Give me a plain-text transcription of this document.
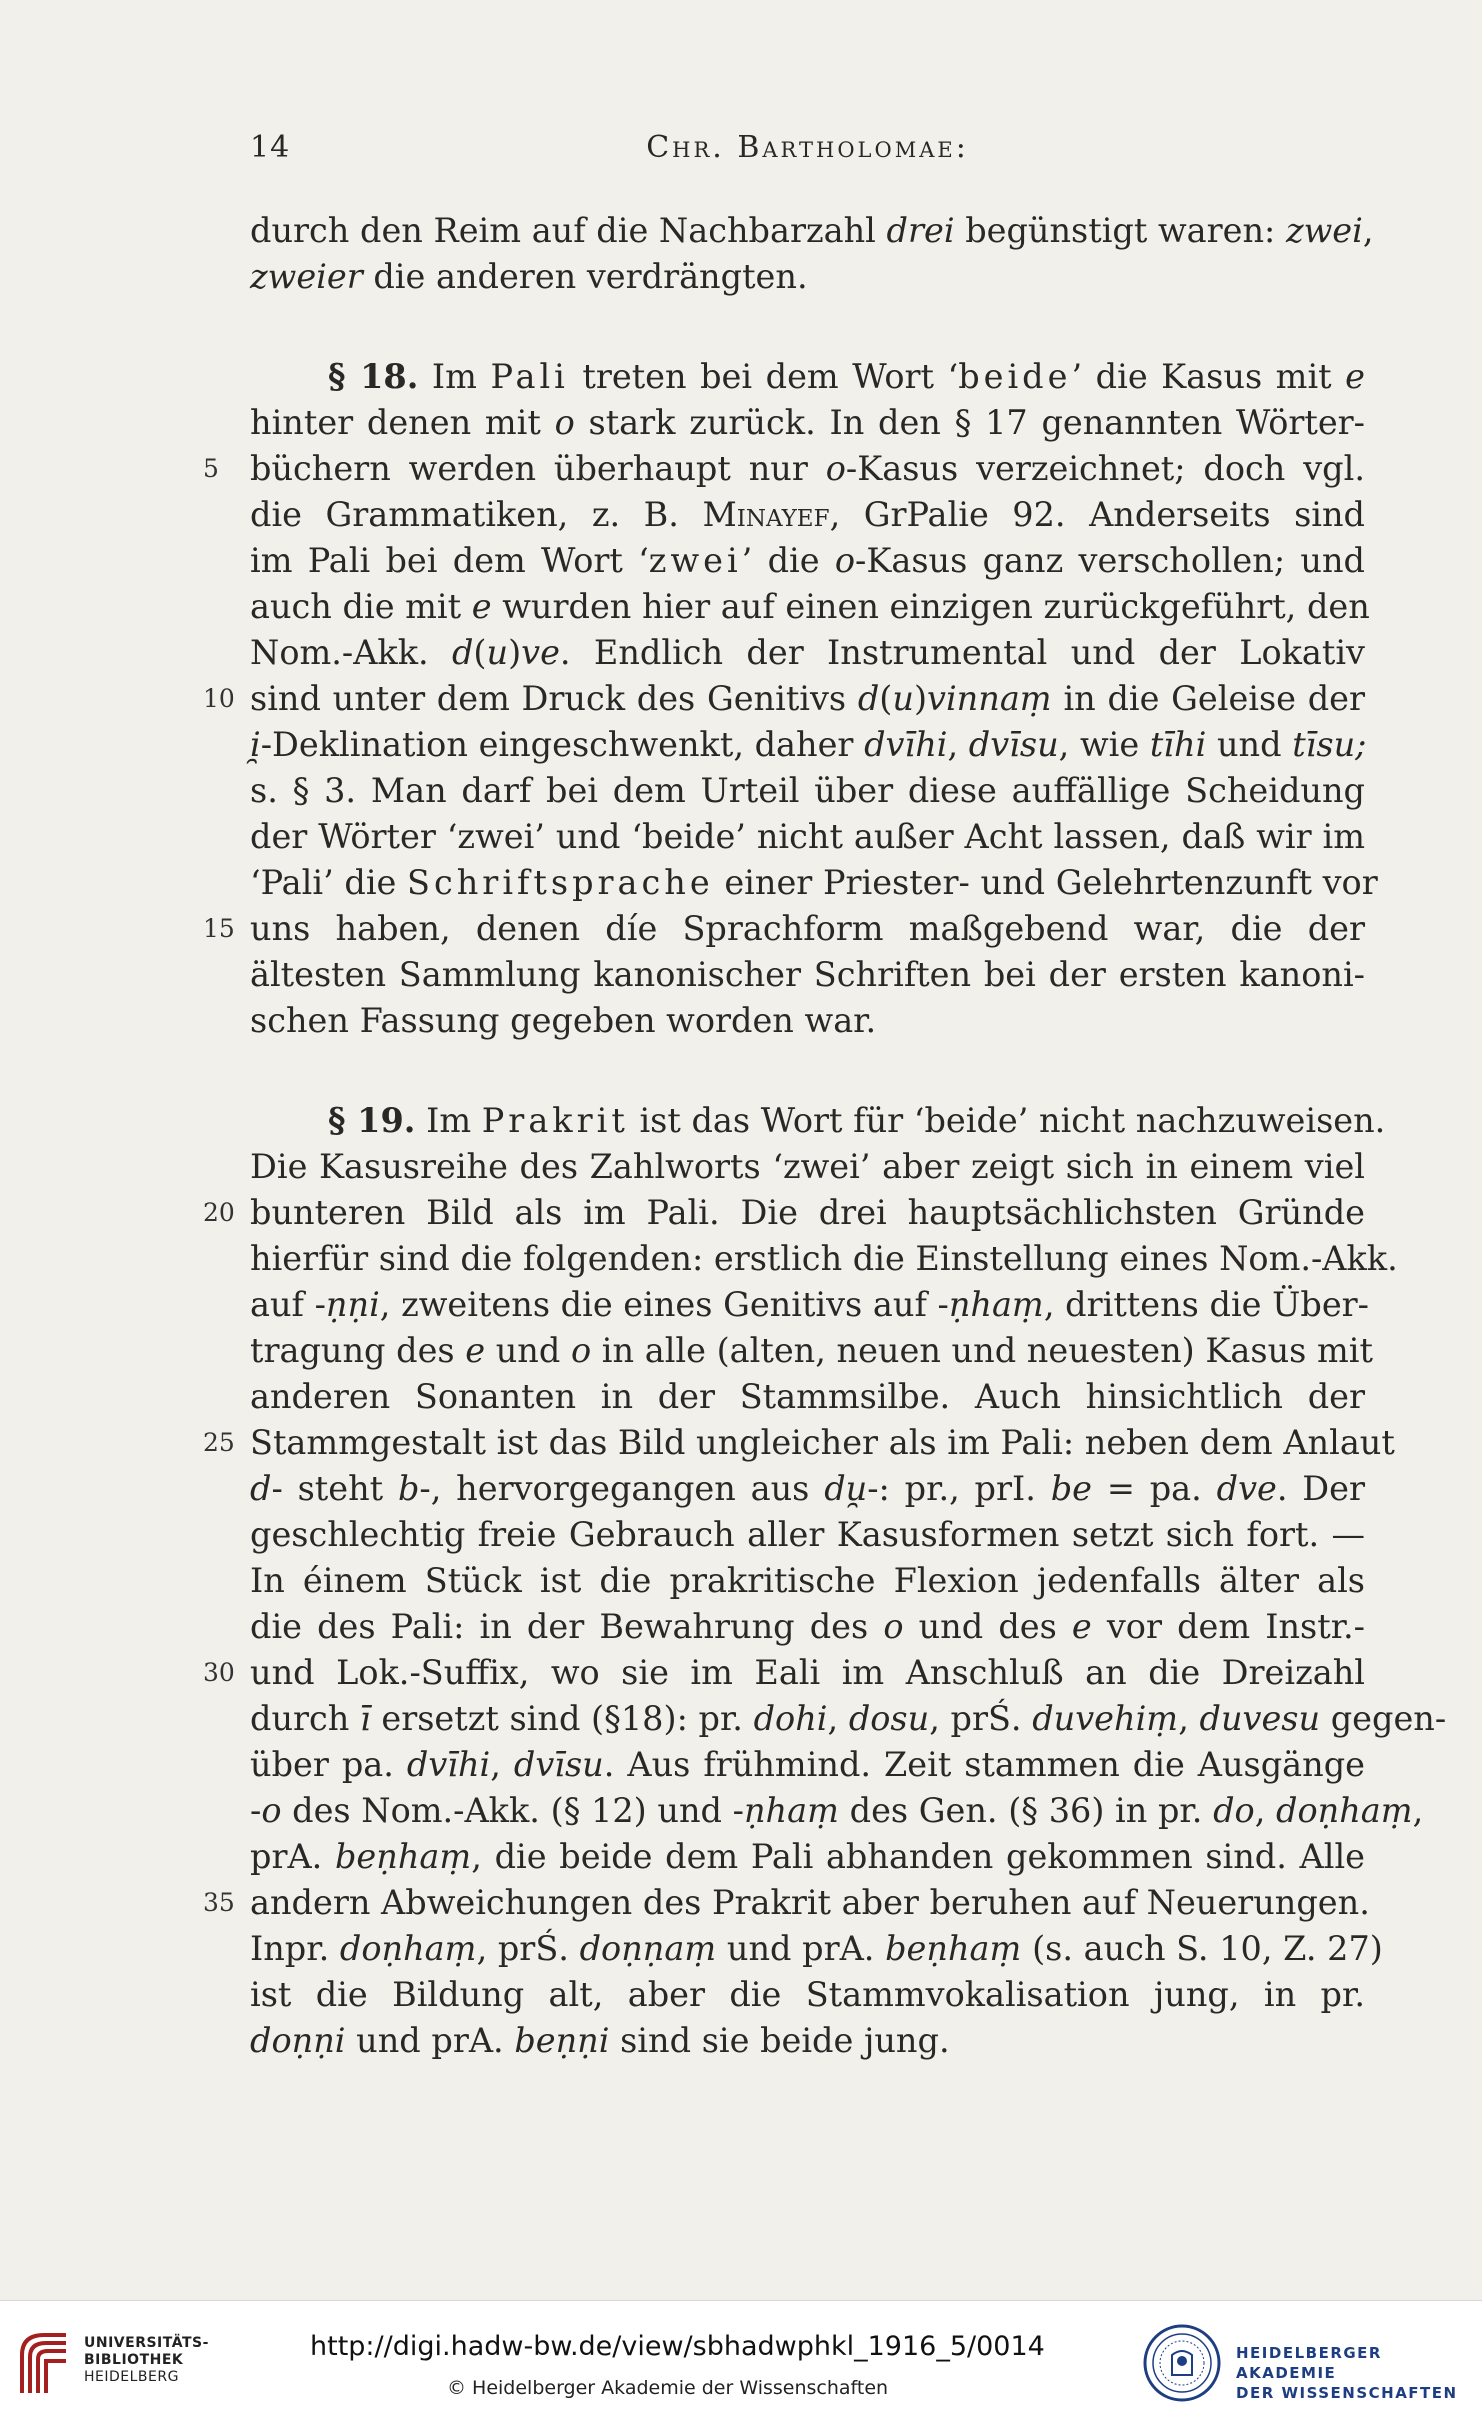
14	Chr. Bartholomae:
durch den Reim auf die Nachbarzahl drei begünstigt waren: zwei,
zweier die anderen verdrängten.
§ 18. Im Pali treten bei dem Wort ‘beide’ die Kasus mit e
hinter denen mit o stark zurück. In den § 17 genannten Wörter-
büchern werden überhaupt nur o-Kasus verzeichnet; doch vgl.
die Grammatiken, z. B. Minayef, GrPalie 92. Anderseits sind
im Pali bei dem Wort ‘zwei’ die o-Kasus ganz verschollen; und
auch die mit e wurden hier auf einen einzigen zurückgeführt, den
Nom.-Akk. d(u)ve. Endlich der Instrumental und der Lokativ
sind unter dem Druck des Genitivs d(u)vinnaṃ in die Geleise der
i̯-Deklination eingeschwenkt, daher dvīhi, dvīsu, wie tīhi und tīsu;
s. § 3. Man darf bei dem Urteil über diese auffällige Scheidung
der Wörter ‘zwei’ und ‘beide’ nicht außer Acht lassen, daß wir im
‘Pali’ die Schriftsprache einer Priester- und Gelehrtenzunft vor
uns haben, denen díe Sprachform maßgebend war, die der
ältesten Sammlung kanonischer Schriften bei der ersten kanoni-
schen Fassung gegeben worden war.
§ 19. Im Prakrit ist das Wort für ‘beide’ nicht nachzuweisen.
Die Kasusreihe des Zahlworts ‘zwei’ aber zeigt sich in einem viel
bunteren Bild als im Pali. Die drei hauptsächlichsten Gründe
hierfür sind die folgenden: erstlich die Einstellung eines Nom.-Akk.
auf -ṇṇi, zweitens die eines Genitivs auf -ṇhaṃ, drittens die Über-
tragung des e und o in alle (alten, neuen und neuesten) Kasus mit
anderen Sonanten in der Stammsilbe. Auch hinsichtlich der
Stammgestalt ist das Bild ungleicher als im Pali: neben dem Anlaut
d- steht b-, hervorgegangen aus du̯-: pr., prI. be = pa. dve. Der
geschlechtig freie Gebrauch aller Kasusformen setzt sich fort. —
In éinem Stück ist die prakritische Flexion jedenfalls älter als
die des Pali: in der Bewahrung des o und des e vor dem Instr.-
und Lok.-Suffix, wo sie im Eali im Anschluß an die Dreizahl
durch ī ersetzt sind (§18): pr. dohi, dosu, prŚ. duvehiṃ, duvesu gegen-
über pa. dvīhi, dvīsu. Aus frühmind. Zeit stammen die Ausgänge
-o des Nom.-Akk. (§ 12) und -ṇhaṃ des Gen. (§ 36) in pr. do, doṇhaṃ,
prA. beṇhaṃ, die beide dem Pali abhanden gekommen sind. Alle
andern Abweichungen des Prakrit aber beruhen auf Neuerungen.
Inpr. doṇhaṃ, prŚ. doṇṇaṃ und prA. beṇhaṃ (s. auch S. 10, Z. 27)
ist die Bildung alt, aber die Stammvokalisation jung, in pr.
doṇṇi und prA. beṇṇi sind sie beide jung.
5
10
15
20
25
30
35
UNIVERSITÄTS-
BIBLIOTHEK
HEIDELBERG
http://digi.hadw-bw.de/view/sbhadwphkl_1916_5/0014
© Heidelberger Akademie der Wissenschaften
HEIDELBERGER AKADEMIE
DER WISSENSCHAFTEN
